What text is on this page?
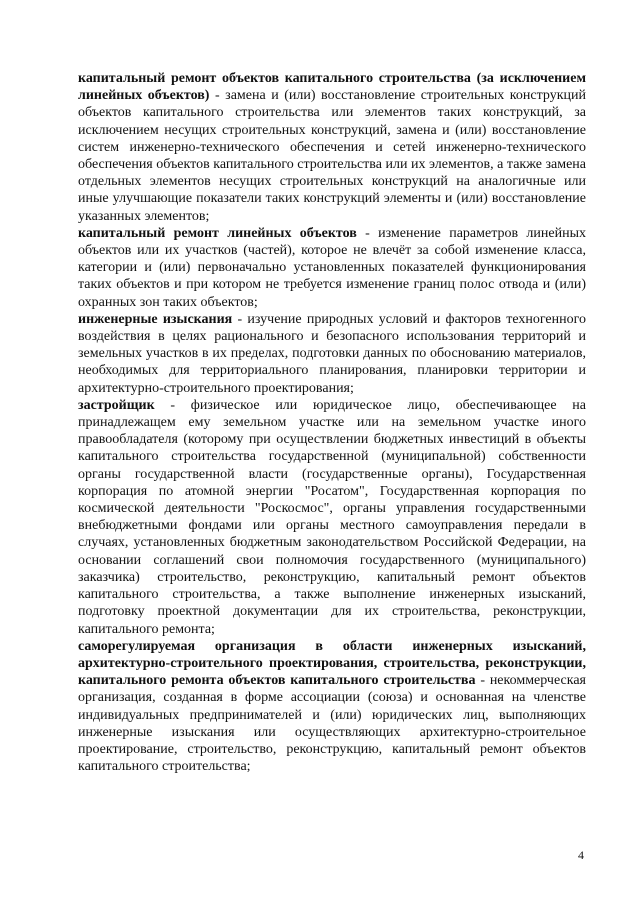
капитальный ремонт объектов капитального строительства (за исключением линейных объектов) - замена и (или) восстановление строительных конструкций объектов капитального строительства или элементов таких конструкций, за исключением несущих строительных конструкций, замена и (или) восстановление систем инженерно-технического обеспечения и сетей инженерно-технического обеспечения объектов капитального строительства или их элементов, а также замена отдельных элементов несущих строительных конструкций на аналогичные или иные улучшающие показатели таких конструкций элементы и (или) восстановление указанных элементов;

капитальный ремонт линейных объектов - изменение параметров линейных объектов или их участков (частей), которое не влечёт за собой изменение класса, категории и (или) первоначально установленных показателей функционирования таких объектов и при котором не требуется изменение границ полос отвода и (или) охранных зон таких объектов;

инженерные изыскания - изучение природных условий и факторов техногенного воздействия в целях рационального и безопасного использования территорий и земельных участков в их пределах, подготовки данных по обоснованию материалов, необходимых для территориального планирования, планировки территории и архитектурно-строительного проектирования;

застройщик - физическое или юридическое лицо, обеспечивающее на принадлежащем ему земельном участке или на земельном участке иного правообладателя (которому при осуществлении бюджетных инвестиций в объекты капитального строительства государственной (муниципальной) собственности органы государственной власти (государственные органы), Государственная корпорация по атомной энергии "Росатом", Государственная корпорация по космической деятельности "Роскосмос", органы управления государственными внебюджетными фондами или органы местного самоуправления передали в случаях, установленных бюджетным законодательством Российской Федерации, на основании соглашений свои полномочия государственного (муниципального) заказчика) строительство, реконструкцию, капитальный ремонт объектов капитального строительства, а также выполнение инженерных изысканий, подготовку проектной документации для их строительства, реконструкции, капитального ремонта;

саморегулируемая организация в области инженерных изысканий, архитектурно-строительного проектирования, строительства, реконструкции, капитального ремонта объектов капитального строительства - некоммерческая организация, созданная в форме ассоциации (союза) и основанная на членстве индивидуальных предпринимателей и (или) юридических лиц, выполняющих инженерные изыскания или осуществляющих архитектурно-строительное проектирование, строительство, реконструкцию, капитальный ремонт объектов капитального строительства;

4
